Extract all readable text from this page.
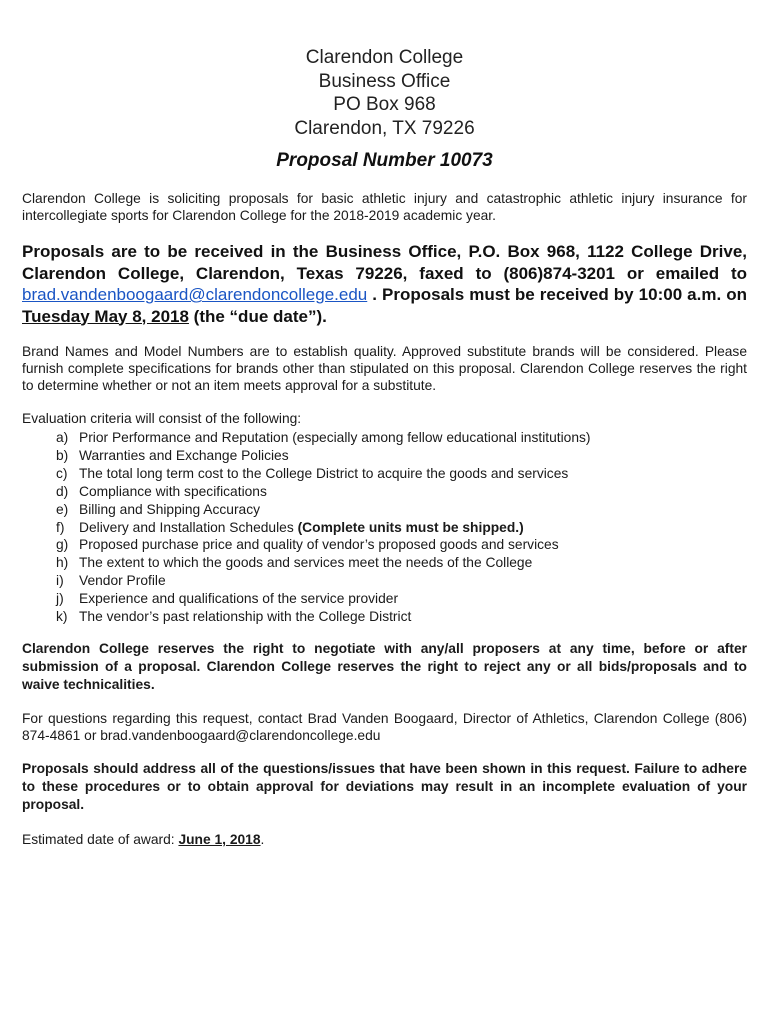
Clarendon College
Business Office
PO Box 968
Clarendon, TX 79226
Proposal Number 10073

Clarendon College is soliciting proposals for basic athletic injury and catastrophic athletic injury insurance for intercollegiate sports for Clarendon College for the 2018-2019 academic year.

Proposals are to be received in the Business Office, P.O. Box 968, 1122 College Drive, Clarendon College, Clarendon, Texas 79226, faxed to (806)874-3201 or emailed to brad.vandenboogaard@clarendoncollege.edu . Proposals must be received by 10:00 a.m. on Tuesday May 8, 2018 (the “due date”).

Brand Names and Model Numbers are to establish quality. Approved substitute brands will be considered. Please furnish complete specifications for brands other than stipulated on this proposal. Clarendon College reserves the right to determine whether or not an item meets approval for a substitute.

Evaluation criteria will consist of the following:

a) Prior Performance and Reputation (especially among fellow educational institutions)
b) Warranties and Exchange Policies
c) The total long term cost to the College District to acquire the goods and services
d) Compliance with specifications
e) Billing and Shipping Accuracy
f)	Delivery and Installation Schedules (Complete units must be shipped.)
g) Proposed purchase price and quality of vendor’s proposed goods and services
h) The extent to which the goods and services meet the needs of the College
i)	Vendor Profile
j)	Experience and qualifications of the service provider
k) The vendor’s past relationship with the College District

Clarendon College reserves the right to negotiate with any/all proposers at any time, before or after submission of a proposal. Clarendon College reserves the right to reject any or all bids/proposals and to waive technicalities.

For questions regarding this request, contact Brad Vanden Boogaard, Director of Athletics, Clarendon College (806) 874-4861 or brad.vandenboogaard@clarendoncollege.edu

Proposals should address all of the questions/issues that have been shown in this request. Failure to adhere to these procedures or to obtain approval for deviations may result in an incomplete evaluation of your proposal.

Estimated date of award: June 1, 2018.
